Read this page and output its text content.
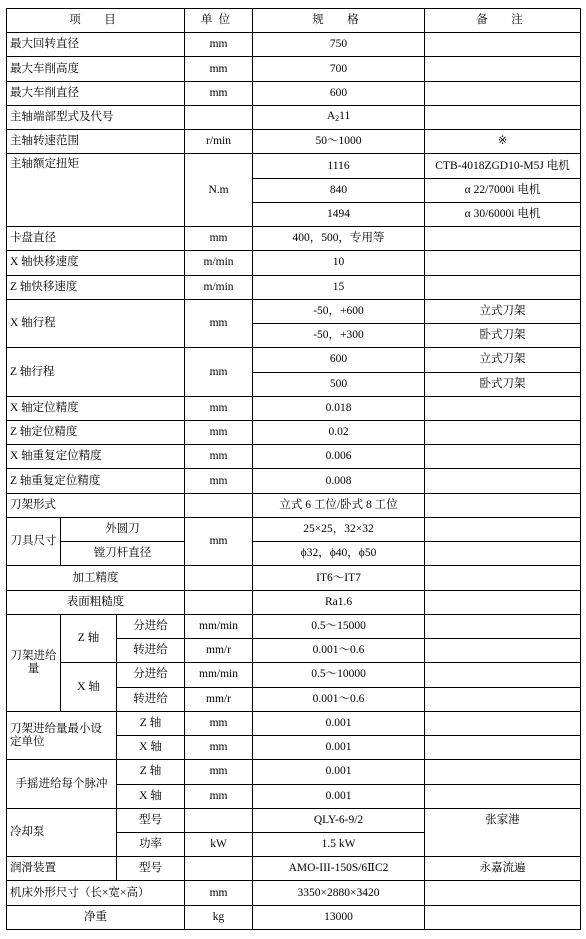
项　目			单位	规　格	备　注
最大回转直径			mm	750	
最大车削高度			mm	700	
最大车削直径			mm	600	
主轴端部型式及代号				$A_211$	
主轴转速范围			r/min	50～1000	※
主轴额定扭矩			N.m	1116	CTB-4018ZGD10-M5J 电机
				840	α 22/7000i 电机
				1494	α 30/6000i 电机
卡盘直径			mm	400，500，专用等	
X 轴快移速度			m/min	10	
Z 轴快移速度			m/min	15	
X 轴行程			mm	-50，+600	立式刀架
				-50，+300	卧式刀架
Z 轴行程			mm	600	立式刀架
				500	卧式刀架
X 轴定位精度			mm	0.018	
Z 轴定位精度			mm	0.02	
X 轴重复定位精度			mm	0.006	
Z 轴重复定位精度			mm	0.008	
刀架形式				立式 6 工位/卧式 8 工位	
刀具尺寸	外圆刀		mm	25×25，32×32	
	镗刀杆直径			ϕ32，ϕ40，ϕ50	
加工精度				IT6～IT7	
表面粗糙度				Ra1.6	
刀架进给量	Z 轴	分进给	mm/min	0.5～15000	
		转进给	mm/r	0.001～0.6	
	X 轴	分进给	mm/min	0.5～10000	
		转进给	mm/r	0.001～0.6	
刀架进给量最小设定单位		Z 轴	mm	0.001	
		X 轴	mm	0.001	
手摇进给每个脉冲		Z 轴	mm	0.001	
		X 轴	mm	0.001	
冷却泵		型号		QLY-6-9/2	张家港
		功率	kW	1.5 kW	
润滑装置		型号		AMO-III-150S/6ⅡC2	永嘉流遍
机床外形尺寸（长×宽×高）			mm	3350×2880×3420	
净重			kg	13000	
